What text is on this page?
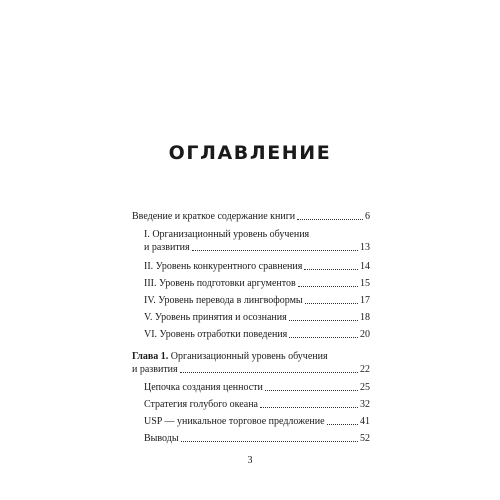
ОГЛАВЛЕНИЕ
Введение и краткое содержание книги	6
I. Организационный уровень обучения
и развития	13
II. Уровень конкурентного сравнения	14
III. Уровень подготовки аргументов	15
IV. Уровень перевода в лингвоформы	17
V. Уровень принятия и осознания	18
VI. Уровень отработки поведения	20
Глава 1. Организационный уровень обучения
и развития	22
Цепочка создания ценности	25
Стратегия голубого океана	32
USP — уникальное торговое предложение	41
Выводы	52
3
